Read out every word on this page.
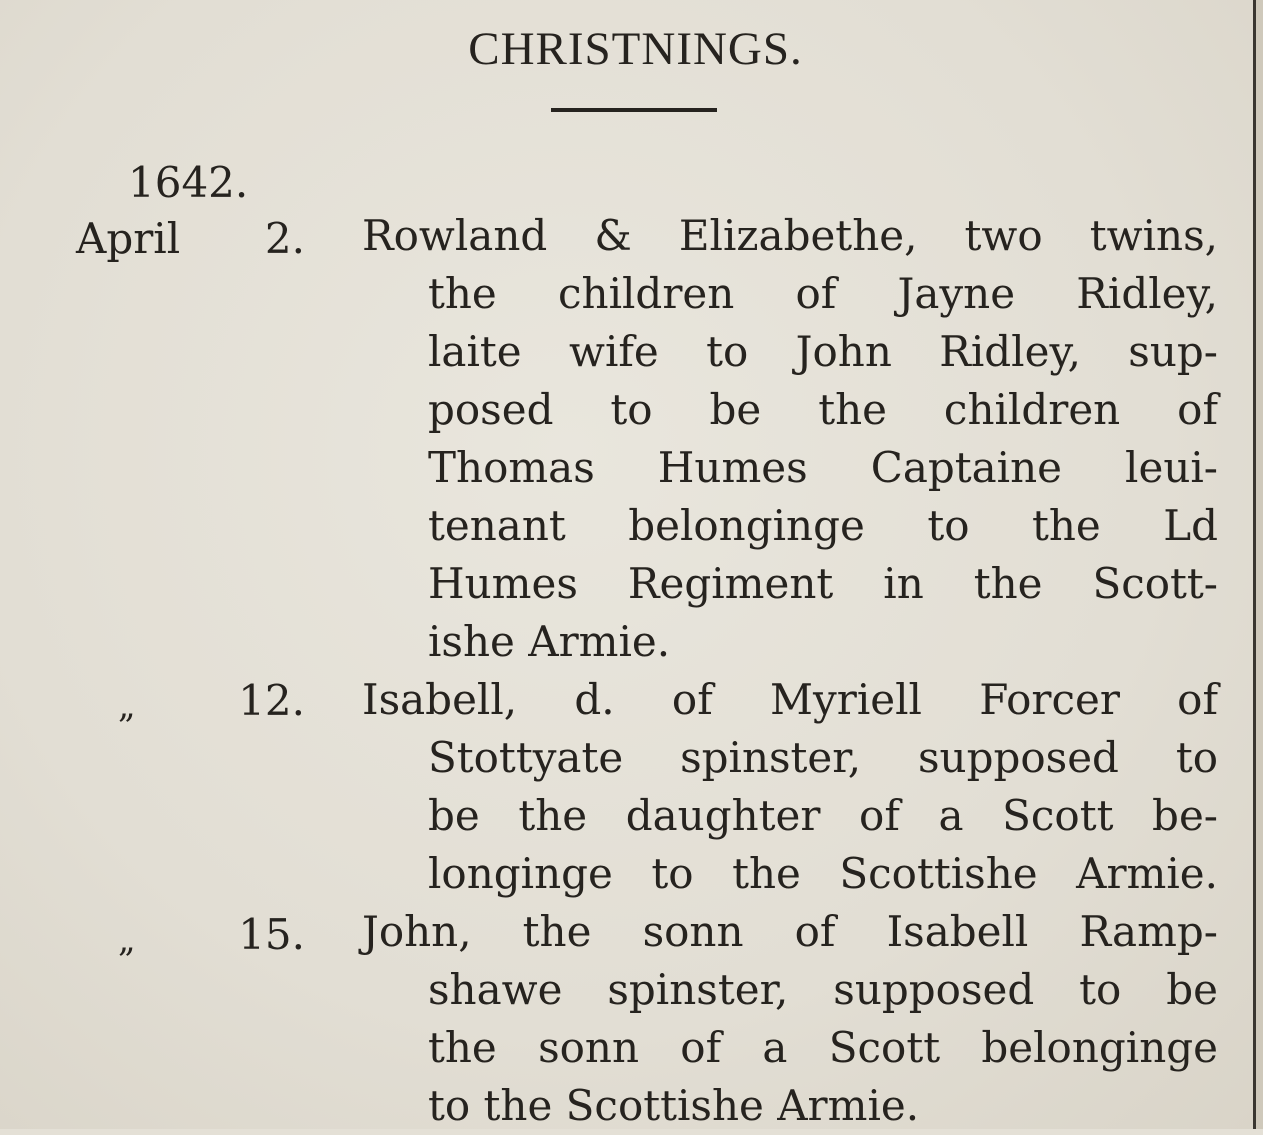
CHRISTNINGS.
1642.
April	2. Rowland & Elizabethe, two twins,
the children of Jayne Ridley,
laite wife to John Ridley, sup-
posed to be the children of
Thomas Humes Captaine leui-
tenant belonginge to the Ld
Humes Regiment in the Scott-
ishe Armie.
„	12. Isabell, d. of Myriell Forcer of
Stottyate spinster, supposed to
be the daughter of a Scott be-
longinge to the Scottishe Armie.
„	15. John, the sonn of Isabell Ramp-
shawe spinster, supposed to be
the sonn of a Scott belonginge
to the Scottishe Armie.
